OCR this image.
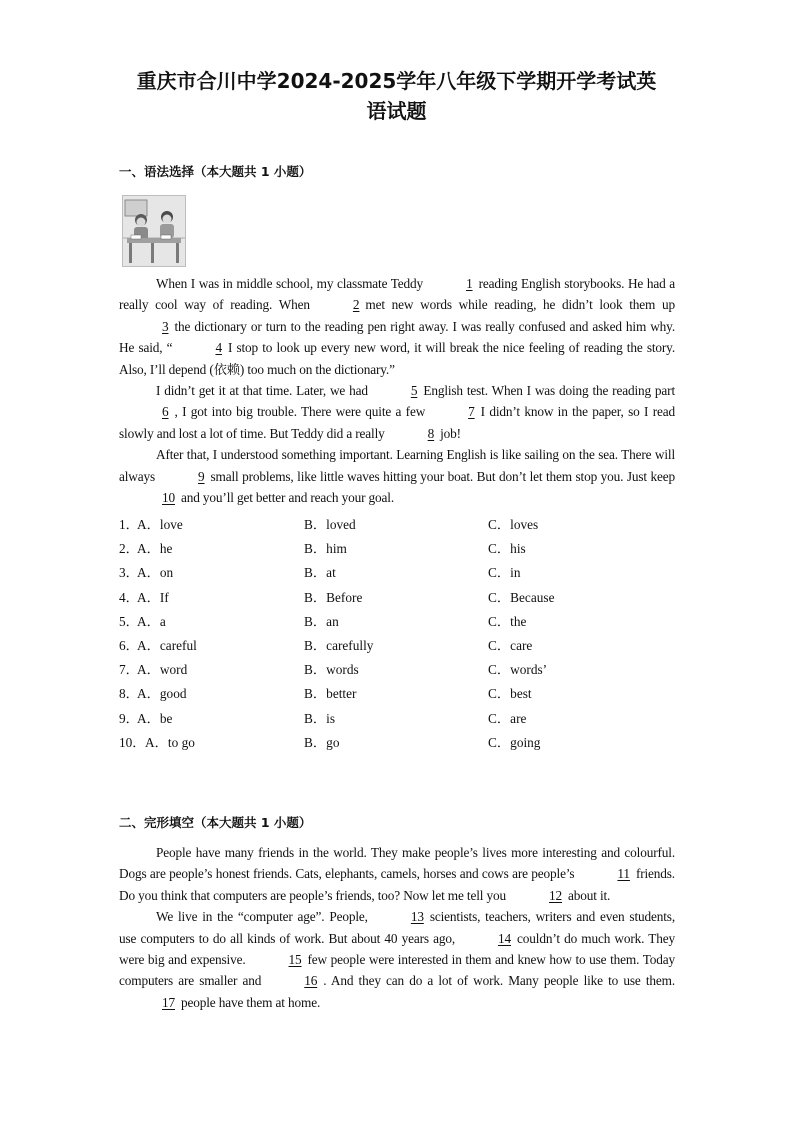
重庆市合川中学2024-2025学年八年级下学期开学考试英
语试题
一、语法选择（本大题共 1 小题）

When I was in middle school, my classmate Teddy	1 reading English storybooks. He had a really cool way of reading. When	2 met new words while reading, he didn’t look them up3 the dictionary or turn to the reading pen right away. I was really confused and asked him why. He said, “	4 I stop to look up every new word, it will break the nice feeling of reading the story. Also, I’ll depend (依赖) too much on the dictionary.”

I didn’t get it at that time. Later, we had	5 English test. When I was doing the reading part6 , I got into big trouble. There were quite a few	7 I didn’t know in the paper, so I read slowly and lost a lot of time. But Teddy did a really	8 job!

After that, I understood something important. Learning English is like sailing on the sea. There will always	9 small problems, like little waves hitting your boat. But don’t let them stop you. Just keep10 and you’ll get better and reach your goal.

1．
A．love	B．loved	C．loves
2．
A．he	B．him	C．his
3．
A．on	B．at	C．in
4．
A．If	B．Before	C．Because
5．
A．a	B．an	C．the
6．
A．careful	B．carefully	C．care
7．
A．word	B．words	C．words’
8．
A．good	B．better	C．best
9．
A．be	B．is	C．are
10． A．to go	B．go	C．going
二、完形填空（本大题共 1 小题）

People have many friends in the world. They make people’s lives more interesting and colourful. Dogs are people’s honest friends. Cats, elephants, camels, horses and cows are people’s	11 friends. Do you think that computers are people’s friends, too? Now let me tell you	12 about it.

We live in the “computer age”. People,	13 scientists, teachers, writers and even students, use computers to do all kinds of work. But about 40 years ago,	14 couldn’t do much work. They were big and expensive.	15 few people were interested in them and knew how to use them. Today computers are smaller and	16 . And they can do a lot of work. Many people like to use them.17 people have them at home.
